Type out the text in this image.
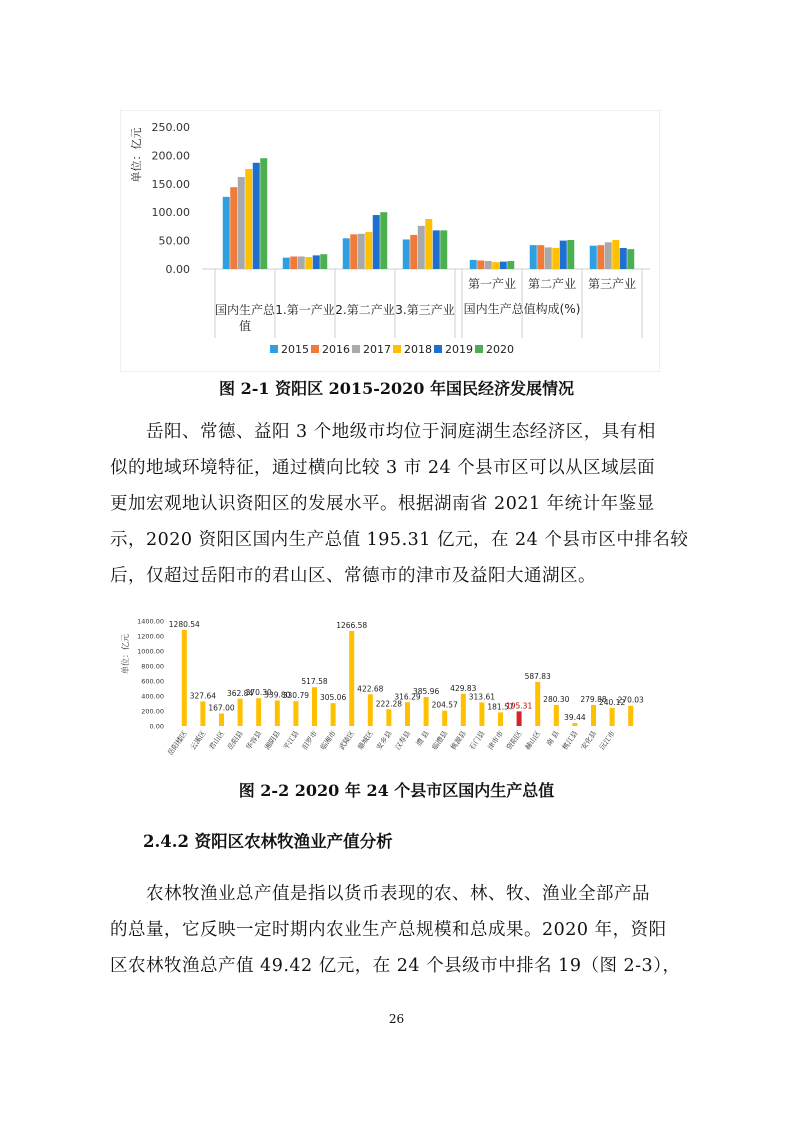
单位：亿元
0.00
50.00
100.00
150.00
200.00
250.00
国内生产总
值
1.第一产业 2.第二产业 3.第三产业
第一产业 第二产业 第三产业
国内生产总值构成(%)
2015 2016 2017 2018 2019 2020
图 2-1 资阳区 2015-2020 年国民经济发展情况
岳阳、常德、益阳 3 个地级市均位于洞庭湖生态经济区，具有相
似的地域环境特征，通过横向比较 3 市 24 个县市区可以从区域层面
更加宏观地认识资阳区的发展水平。根据湖南省 2021 年统计年鉴显
示，2020 资阳区国内生产总值 195.31 亿元，在 24 个县市区中排名较
后，仅超过岳阳市的君山区、常德市的津市及益阳大通湖区。
单位：亿元
0.00
200.00
400.00
600.00
800.00
1000.00
1200.00
1400.00 1280.54
327.64
167.00
362.84
370.30
339.80
330.79
517.58
305.06
1266.58
422.68
222.28
316.29
385.96
204.57
429.83
313.61
181.57
195.31
587.83
280.30
39.44
279.88
240.12
270.03
岳阳楼区 云溪区 君山区 岳阳县 华容县 湘阴县 平江县 汨罗市 临湘市 武陵区 鼎城区 安乡县 汉寿县 澧 县 临澧县 桃源县 石门县 津市市 资阳区 赫山区 南 县 桃江县 安化县 沅江市
图 2-2 2020 年 24 个县市区国内生产总值
2.4.2 资阳区农林牧渔业产值分析
农林牧渔业总产值是指以货币表现的农、林、牧、渔业全部产品
的总量，它反映一定时期内农业生产总规模和总成果。2020 年，资阳
区农林牧渔总产值 49.42 亿元，在 24 个县级市中排名 19（图 2-3），
26
